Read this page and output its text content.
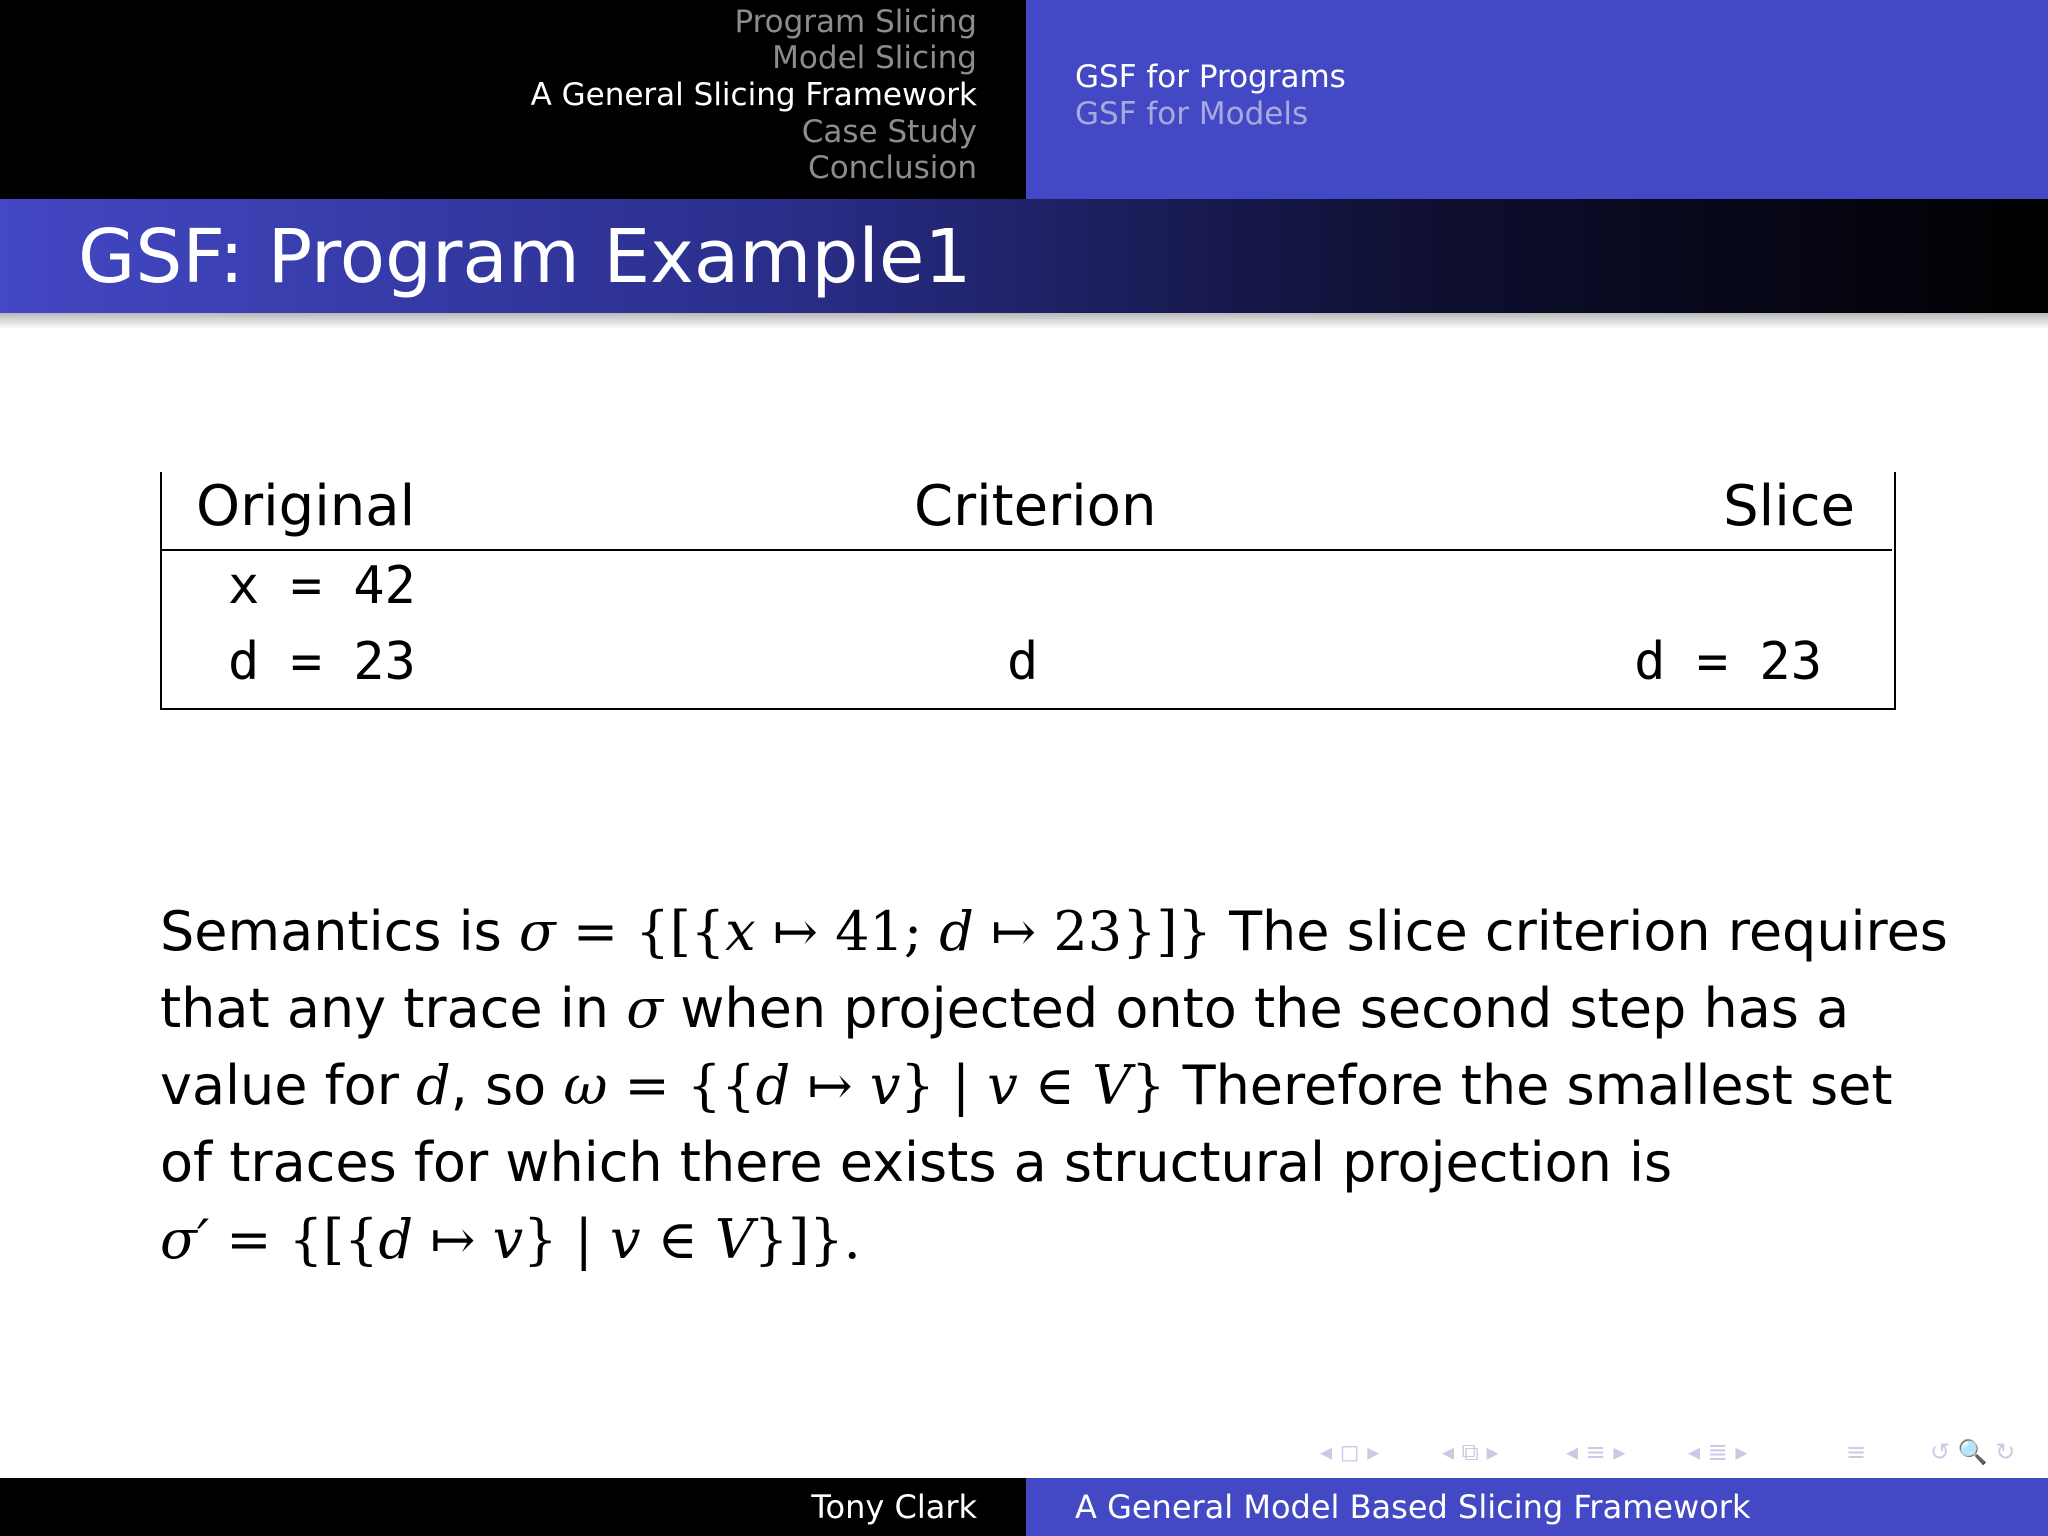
Program Slicing
Model Slicing
A General Slicing Framework
Case Study
Conclusion
GSF for Programs
GSF for Models
GSF: Program Example1
Original	Criterion	Slice
x = 42
d = 23	d	d = 23
Semantics is σ = {[{x ↦ 41; d ↦ 23}]} The slice criterion requires
that any trace in σ when projected onto the second step has a
value for d, so ω = {{d ↦ v} | v ∈ V} Therefore the smallest set
of traces for which there exists a structural projection is
σ′ = {[{d ↦ v} | v ∈ V}]}.
◂ ◻ ▸	◂ ⧉ ▸	◂ ≡ ▸	◂ ≣ ▸	≡	↺ 🔍 ↻
Tony Clark	A General Model Based Slicing Framework
